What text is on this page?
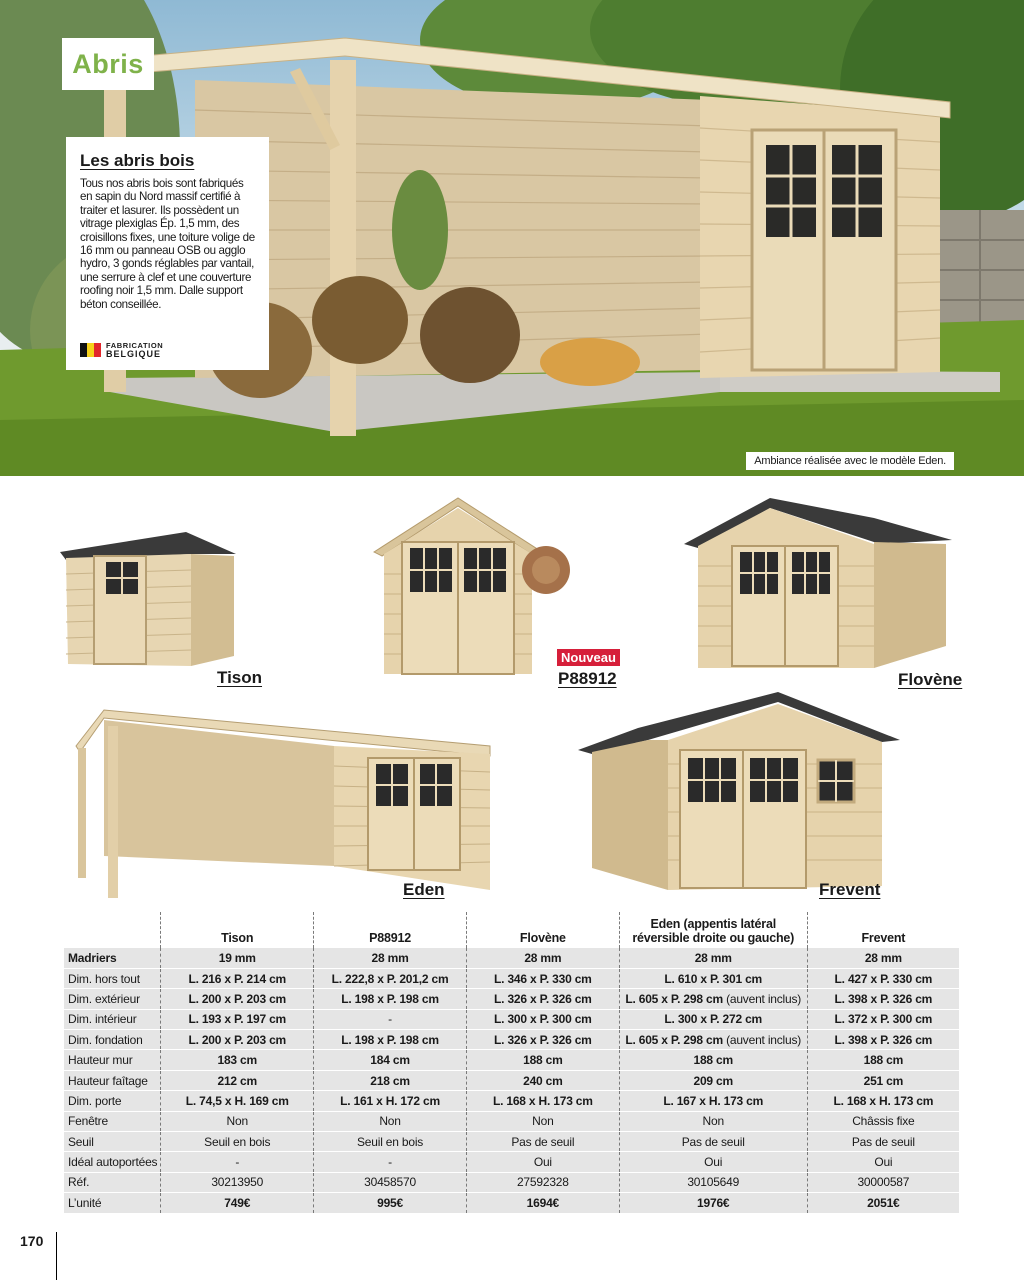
Abris
Les abris bois
Tous nos abris bois sont fabriqués en sapin du Nord massif certifié à traiter et lasurer. Ils possèdent un vitrage plexiglas Ép. 1,5 mm, des croisillons fixes, une toiture volige de 16 mm ou panneau OSB ou agglo hydro, 3 gonds réglables par vantail, une serrure à clef et une couverture roofing noir 1,5 mm. Dalle support béton conseillée.
FABRICATION
BELGIQUE
Ambiance réalisée avec le modèle Eden.
Tison
Nouveau
P88912	Flovène
Eden	Frevent
	Tison	P88912	Flovène	Eden (appentis latéral réversible droite ou gauche)	Frevent
Madriers	19 mm	28 mm	28 mm	28 mm	28 mm
Dim. hors tout	L. 216 x P. 214 cm	L. 222,8 x P. 201,2 cm	L. 346 x P. 330 cm	L. 610 x P. 301 cm	L. 427 x P. 330 cm
Dim. extérieur	L. 200 x P. 203 cm	L. 198 x P. 198 cm	L. 326 x P. 326 cm	L. 605 x P. 298 cm (auvent inclus)	L. 398 x P. 326 cm
Dim. intérieur	L. 193 x P. 197 cm	-	L. 300 x P. 300 cm	L. 300 x P. 272 cm	L. 372 x P. 300 cm
Dim. fondation	L. 200 x P. 203 cm	L. 198 x P. 198 cm	L. 326 x P. 326 cm	L. 605 x P. 298 cm (auvent inclus)	L. 398 x P. 326 cm
Hauteur mur	183 cm	184 cm	188 cm	188 cm	188 cm
Hauteur faîtage	212 cm	218 cm	240 cm	209 cm	251 cm
Dim. porte	L. 74,5 x H. 169 cm	L. 161 x H. 172 cm	L. 168 x H. 173 cm	L. 167 x H. 173 cm	L. 168 x H. 173 cm
Fenêtre	Non	Non	Non	Non	Châssis fixe
Seuil	Seuil en bois	Seuil en bois	Pas de seuil	Pas de seuil	Pas de seuil
Idéal autoportées	-	-	Oui	Oui	Oui
Réf.	30213950	30458570	27592328	30105649	30000587
L’unité	749€	995€	1694€	1976€	2051€
170
